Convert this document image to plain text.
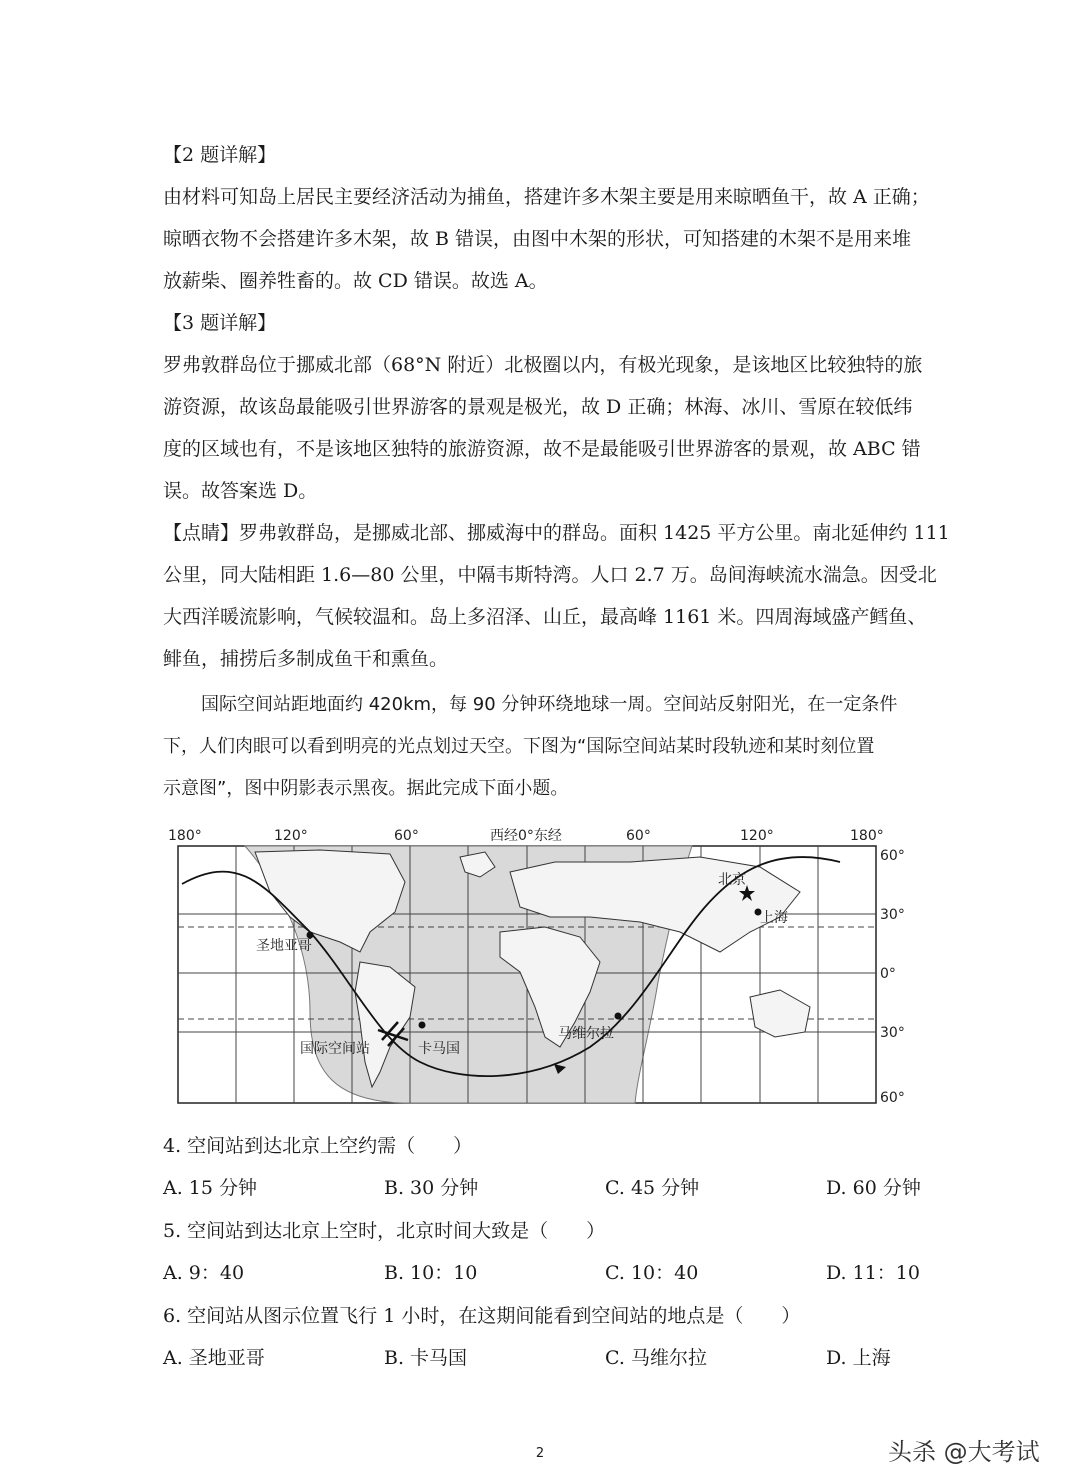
【2 题详解】
由材料可知岛上居民主要经济活动为捕鱼，搭建许多木架主要是用来晾晒鱼干，故 A 正确；
晾晒衣物不会搭建许多木架，故 B 错误，由图中木架的形状，可知搭建的木架不是用来堆
放薪柴、圈养牲畜的。故 CD 错误。故选 A。
【3 题详解】
罗弗敦群岛位于挪威北部（68°N 附近）北极圈以内，有极光现象，是该地区比较独特的旅
游资源，故该岛最能吸引世界游客的景观是极光，故 D 正确；林海、冰川、雪原在较低纬
度的区域也有，不是该地区独特的旅游资源，故不是最能吸引世界游客的景观，故 ABC 错
误。故答案选 D。
【点睛】罗弗敦群岛，是挪威北部、挪威海中的群岛。面积 1425 平方公里。南北延伸约 111
公里，同大陆相距 1.6—80 公里，中隔韦斯特湾。人口 2.7 万。岛间海峡流水湍急。因受北
大西洋暖流影响，气候较温和。岛上多沼泽、山丘，最高峰 1161 米。四周海域盛产鳕鱼、
鲱鱼，捕捞后多制成鱼干和熏鱼。
国际空间站距地面约 420km，每 90 分钟环绕地球一周。空间站反射阳光，在一定条件
下，人们肉眼可以看到明亮的光点划过天空。下图为“国际空间站某时段轨迹和某时刻位置
示意图”，图中阴影表示黑夜。据此完成下面小题。
180°	120°	60°	西经0°东经	60°	120°	180°
60°
30°
0°
30°
60°
圣地亚哥
北京
上海
卡马国
国际空间站
马维尔拉
4. 空间站到达北京上空约需（　　）
A. 15 分钟	B. 30 分钟	C. 45 分钟	D. 60 分钟
5. 空间站到达北京上空时，北京时间大致是（　　）
A. 9：40	B. 10：10	C. 10：40	D. 11：10
6. 空间站从图示位置飞行 1 小时，在这期间能看到空间站的地点是（　　）
A. 圣地亚哥	B. 卡马国	C. 马维尔拉	D. 上海
2	头杀 @大考试
